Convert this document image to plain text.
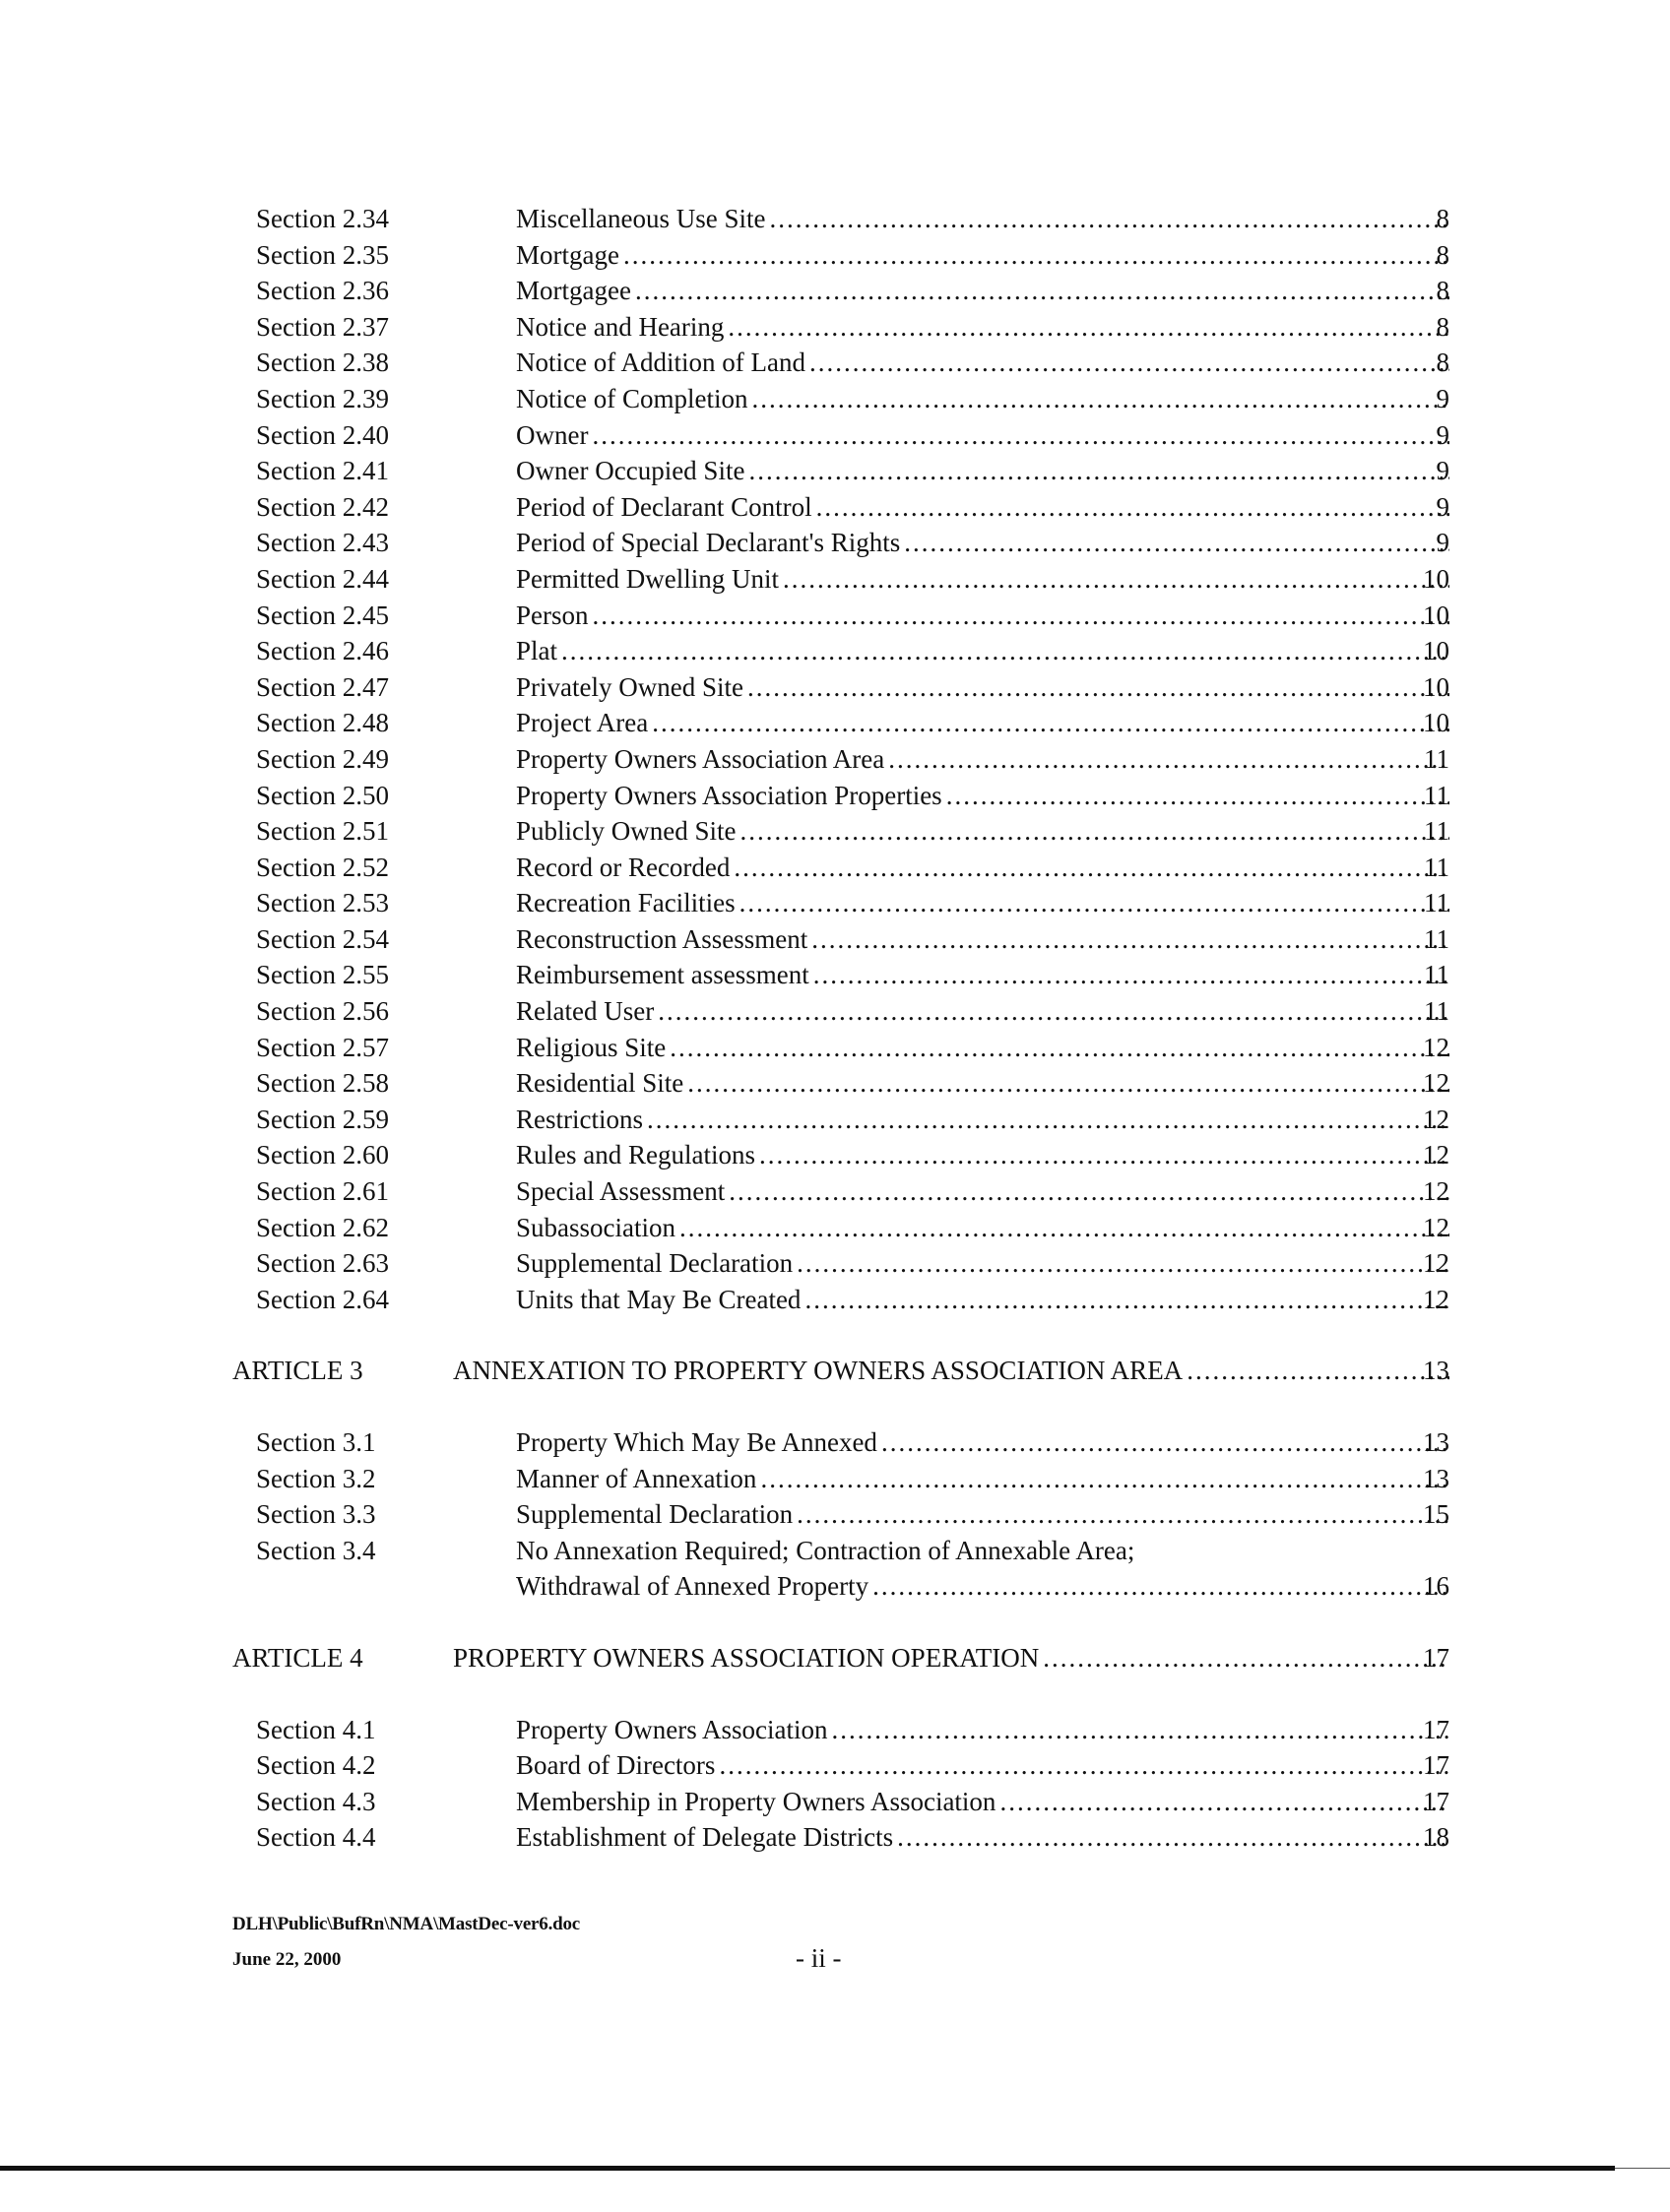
Section 2.34	Miscellaneous Use Site .....	8
Section 2.35	Mortgage .....	8
Section 2.36	Mortgagee .....	8
Section 2.37	Notice and Hearing .....	8
Section 2.38	Notice of Addition of Land .....	8
Section 2.39	Notice of Completion .....	9
Section 2.40	Owner .....	9
Section 2.41	Owner Occupied Site .....	9
Section 2.42	Period of Declarant Control .....	9
Section 2.43	Period of Special Declarant's Rights .....	9
Section 2.44	Permitted Dwelling Unit .....	10
Section 2.45	Person .....	10
Section 2.46	Plat .....	10
Section 2.47	Privately Owned Site .....	10
Section 2.48	Project Area .....	10
Section 2.49	Property Owners Association Area .....	11
Section 2.50	Property Owners Association Properties .....	11
Section 2.51	Publicly Owned Site .....	11
Section 2.52	Record or Recorded .....	11
Section 2.53	Recreation Facilities .....	11
Section 2.54	Reconstruction Assessment .....	11
Section 2.55	Reimbursement assessment .....	11
Section 2.56	Related User .....	11
Section 2.57	Religious Site .....	12
Section 2.58	Residential Site .....	12
Section 2.59	Restrictions .....	12
Section 2.60	Rules and Regulations .....	12
Section 2.61	Special Assessment .....	12
Section 2.62	Subassociation .....	12
Section 2.63	Supplemental Declaration .....	12
Section 2.64	Units that May Be Created .....	12
ARTICLE 3	ANNEXATION TO PROPERTY OWNERS ASSOCIATION AREA .....	13
Section 3.1	Property Which May Be Annexed .....	13
Section 3.2	Manner of Annexation .....	13
Section 3.3	Supplemental Declaration .....	15
Section 3.4	No Annexation Required; Contraction of Annexable Area;
Withdrawal of Annexed Property .....	16
ARTICLE 4	PROPERTY OWNERS ASSOCIATION OPERATION .....	17
Section 4.1	Property Owners Association .....	17
Section 4.2	Board of Directors .....	17
Section 4.3	Membership in Property Owners Association .....	17
Section 4.4	Establishment of Delegate Districts .....	18
DLH\Public\BufRn\NMA\MastDec-ver6.doc
June 22, 2000	- ii -
